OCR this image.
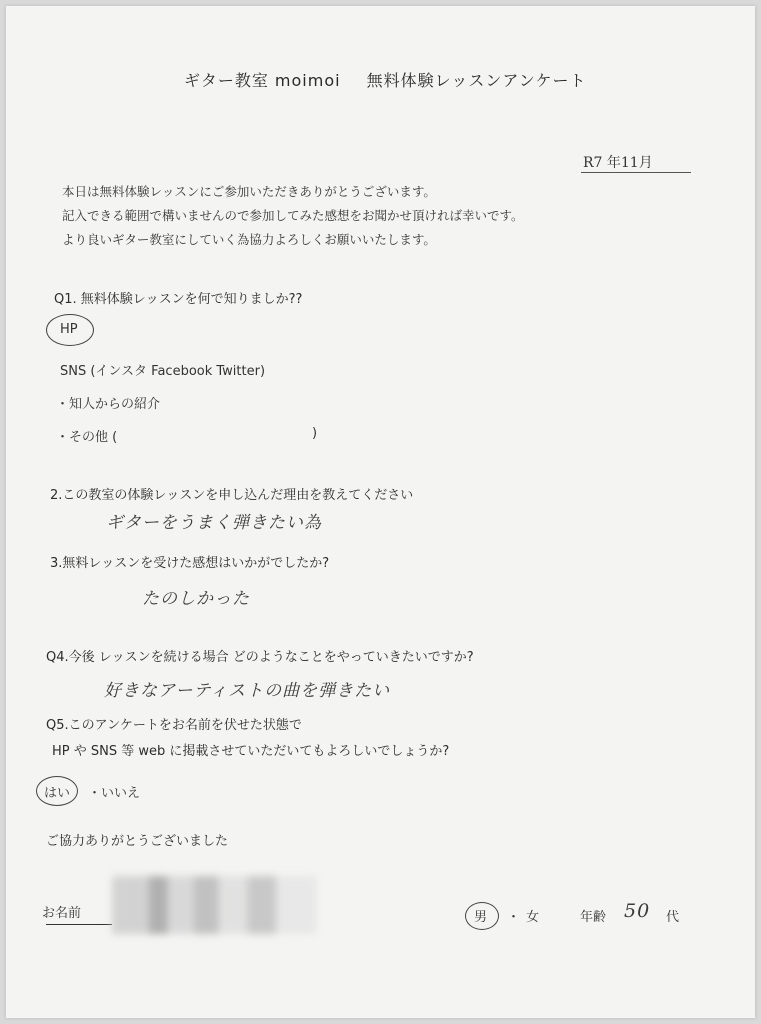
ギター教室 moimoi 無料体験レッスンアンケート
R7 年11月
本日は無料体験レッスンにご参加いただきありがとうございます。
記入できる範囲で構いませんので参加してみた感想をお聞かせ頂ければ幸いです。
より良いギター教室にしていく為協力よろしくお願いいたします。
Q1. 無料体験レッスンを何で知りましか??
HP
SNS (インスタ Facebook Twitter)
・知人からの紹介
・その他 (	)
2.この教室の体験レッスンを申し込んだ理由を教えてください
ギターをうまく弾きたい為
3.無料レッスンを受けた感想はいかがでしたか?
たのしかった
Q4.今後 レッスンを続ける場合 どのようなことをやっていきたいですか?
好きなアーティストの曲を弾きたい
Q5.このアンケートをお名前を伏せた状態で
HP や SNS 等 web に掲載させていただいてもよろしいでしょうか?
はい ・いいえ
ご協力ありがとうございました
お名前	男 ・ 女	年齢 50 代
